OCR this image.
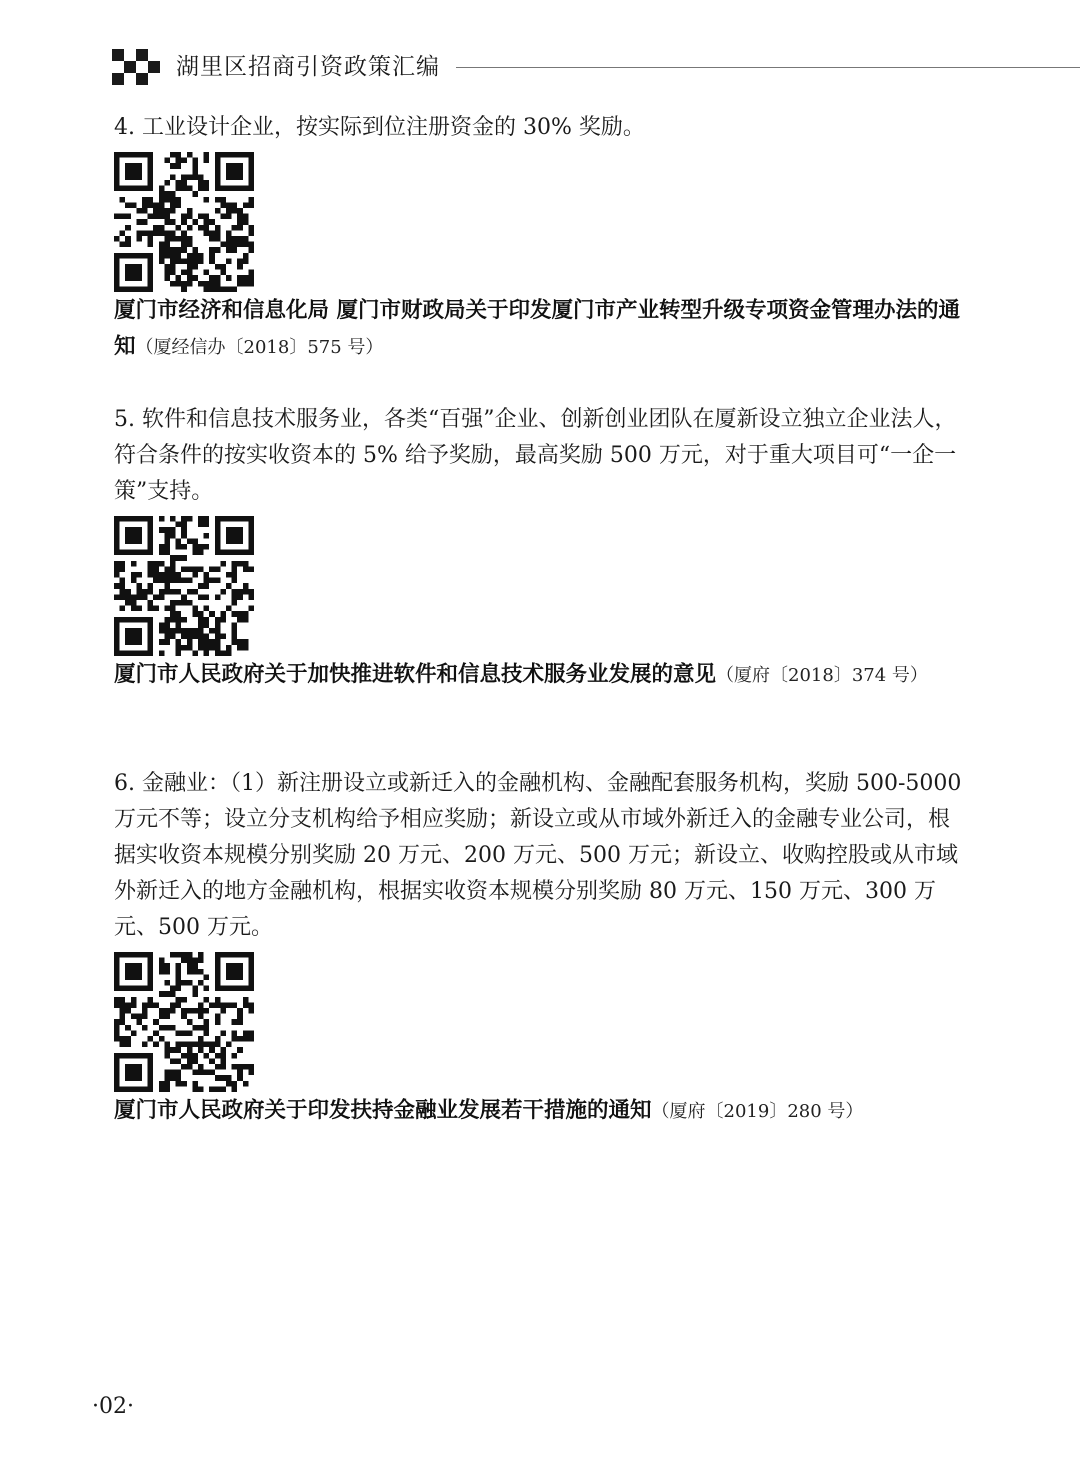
湖里区招商引资政策汇编

4. 工业设计企业，按实际到位注册资金的 30% 奖励。

厦门市经济和信息化局 厦门市财政局关于印发厦门市产业转型升级专项资金管理办法的通知（厦经信办〔2018〕575 号）

5. 软件和信息技术服务业，各类“百强”企业、创新创业团队在厦新设立独立企业法人，符合条件的按实收资本的 5% 给予奖励，最高奖励 500 万元，对于重大项目可“一企一策”支持。

厦门市人民政府关于加快推进软件和信息技术服务业发展的意见（厦府〔2018〕374 号）

6. 金融业：（1）新注册设立或新迁入的金融机构、金融配套服务机构，奖励 500-5000 万元不等；设立分支机构给予相应奖励；新设立或从市域外新迁入的金融专业公司，根据实收资本规模分别奖励 20 万元、200 万元、500 万元；新设立、收购控股或从市域外新迁入的地方金融机构，根据实收资本规模分别奖励 80 万元、150 万元、300 万元、500 万元。

厦门市人民政府关于印发扶持金融业发展若干措施的通知（厦府〔2019〕280 号）

·02·
